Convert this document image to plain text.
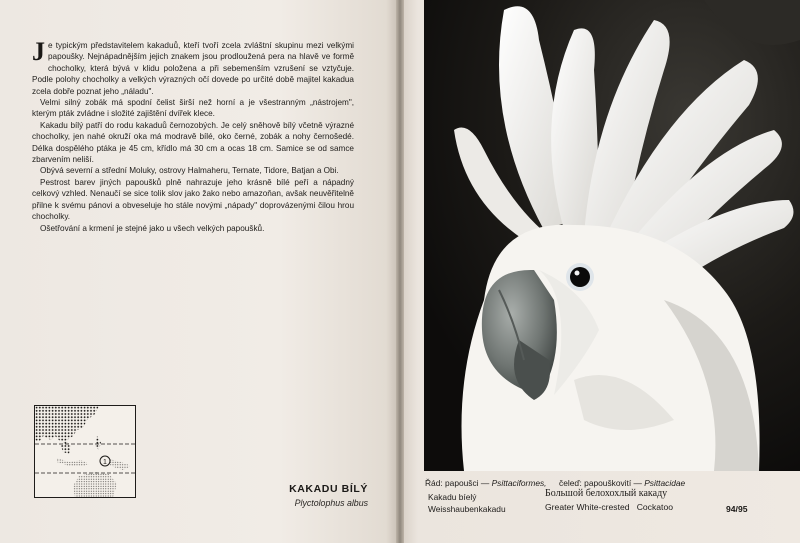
Je typickým představitelem kakaduů, kteří tvoří zcela zvláštní skupinu mezi velkými papoušky. Nejnápadnějším jejich znakem jsou prodloužená pera na hlavě ve formě chocholky, která bývá v klidu položena a při sebemenším vzrušení se vztyčuje. Podle polohy chocholky a velkých výrazných očí dovede po určité době majitel kakadua zcela dobře poznat jeho „náladu".

Velmi silný zobák má spodní čelist širší než horní a je všestranným „nástrojem", kterým pták zvládne i složité zajištění dvířek klece.

Kakadu bílý patří do rodu kakaduů černozobých. Je celý sněhově bílý včetně výrazné chocholky, jen nahé okruží oka má modravě bílé, oko černé, zobák a nohy černošedé. Délka dospělého ptáka je 45 cm, křídlo má 30 cm a ocas 18 cm. Samice se od samce zbarvením neliší.

Obývá severní a střední Moluky, ostrovy Halmaheru, Ternate, Tidore, Batjan a Obi.

Pestrost barev jiných papoušků plně nahrazuje jeho krásně bílé peří a nápadný celkový vzhled. Nenaučí se sice tolik slov jako žako nebo amazoňan, avšak neuvěřitelně přilne k svému pánovi a obveseluje ho stále novými „nápady" doprovázenými čilou hrou chocholky.

Ošetřování a krmení je stejné jako u všech velkých papoušků.

1
KAKADU BÍLÝ
Plyctolophus albus
Řád: papoušci — Psittaciformes, čeleď: papouškovití — Psittacidae
Kakadu bíelý
Weisshaubenkakadu
Большой белохохлый какаду
Greater White-crested   Cockatoo	94/95
